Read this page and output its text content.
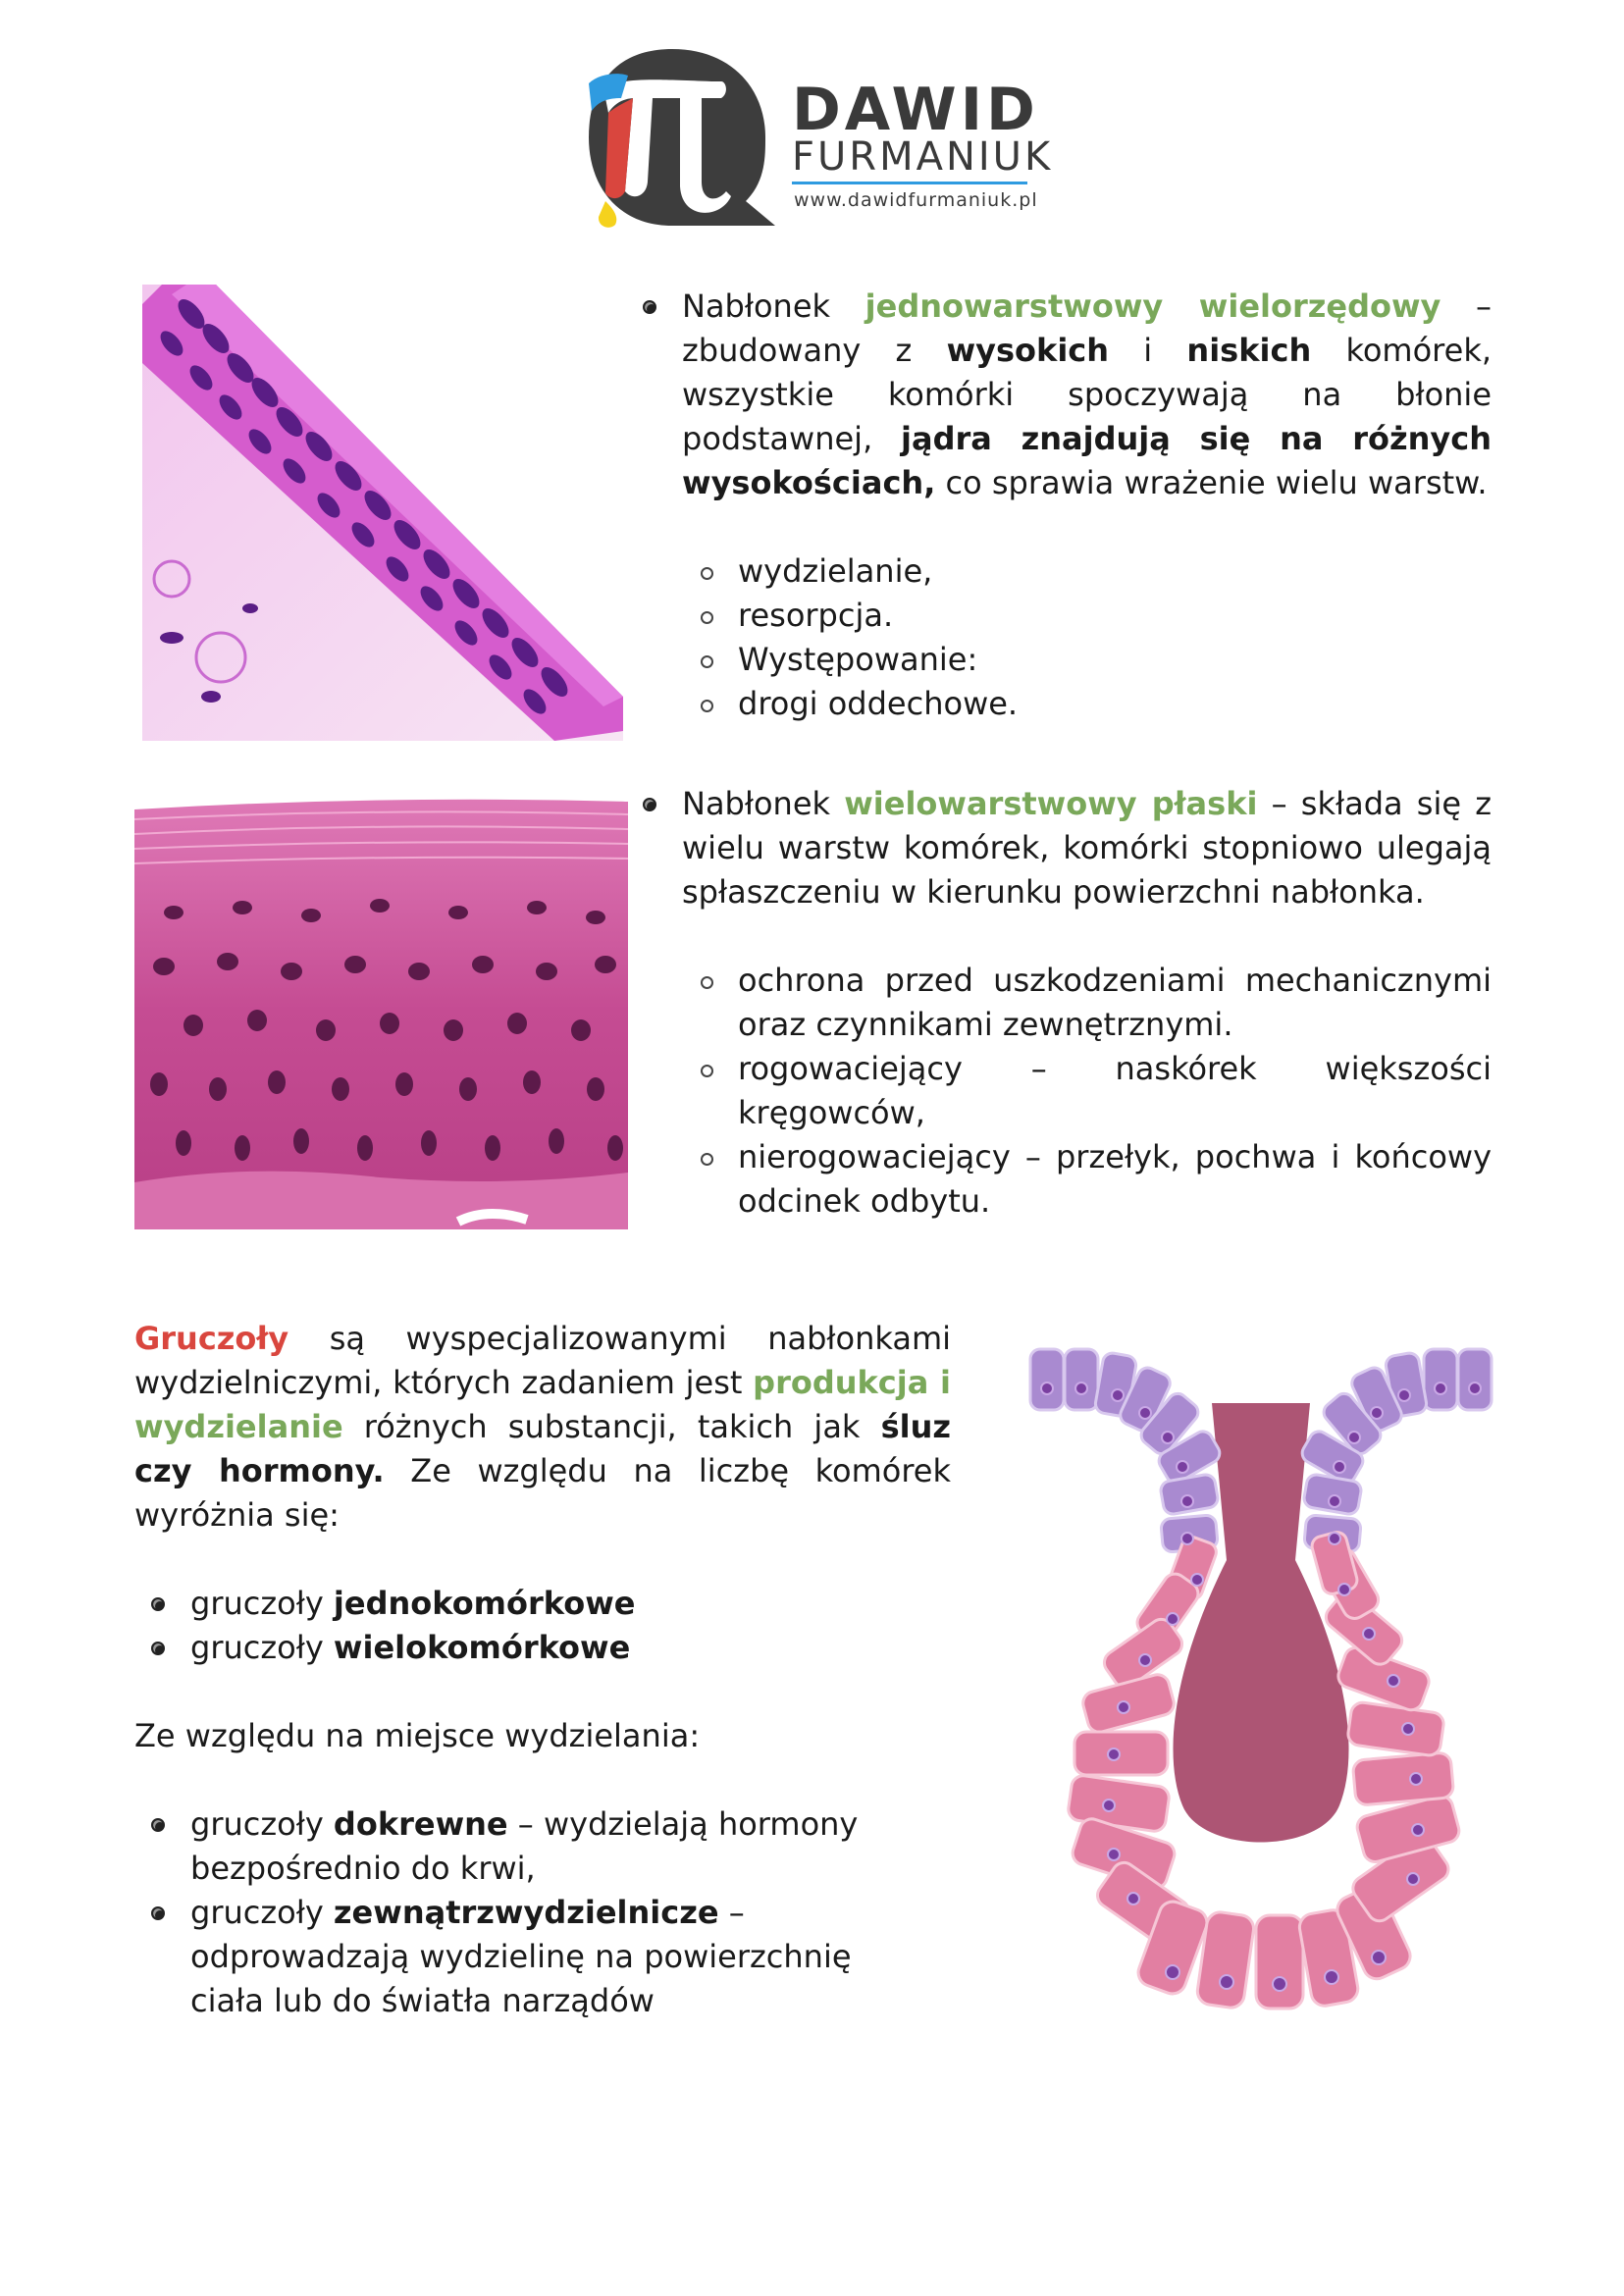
DAWID
FURMANIUK
www.dawidfurmaniuk.pl
Nabłonek jednowarstwowy wielorzędowy – zbudowany z wysokich i niskich komórek, wszystkie komórki spoczywają na błonie podstawnej, jądra znajdują się na różnych wysokościach, co sprawia wrażenie wielu warstw.
wydzielanie,
resorpcja.
Występowanie:
drogi oddechowe.
Nabłonek wielowarstwowy płaski – składa się z wielu warstw komórek, komórki stopniowo ulegają spłaszczeniu w kierunku powierzchni nabłonka.
ochrona przed uszkodzeniami mechanicznymi oraz czynnikami zewnętrznymi.
rogowaciejący – naskórek większości kręgowców,
nierogowaciejący – przełyk, pochwa i końcowy odcinek odbytu.
Gruczoły są wyspecjalizowanymi nabłonkami wydzielniczymi, których zadaniem jest produkcja i wydzielanie różnych substancji, takich jak śluz czy hormony. Ze względu na liczbę komórek wyróżnia się:
gruczoły jednokomórkowe
gruczoły wielokomórkowe
Ze względu na miejsce wydzielania:
gruczoły dokrewne – wydzielają hormony bezpośrednio do krwi,
gruczoły zewnątrzwydzielnicze – odprowadzają wydzielinę na powierzchnię ciała lub do światła narządów
